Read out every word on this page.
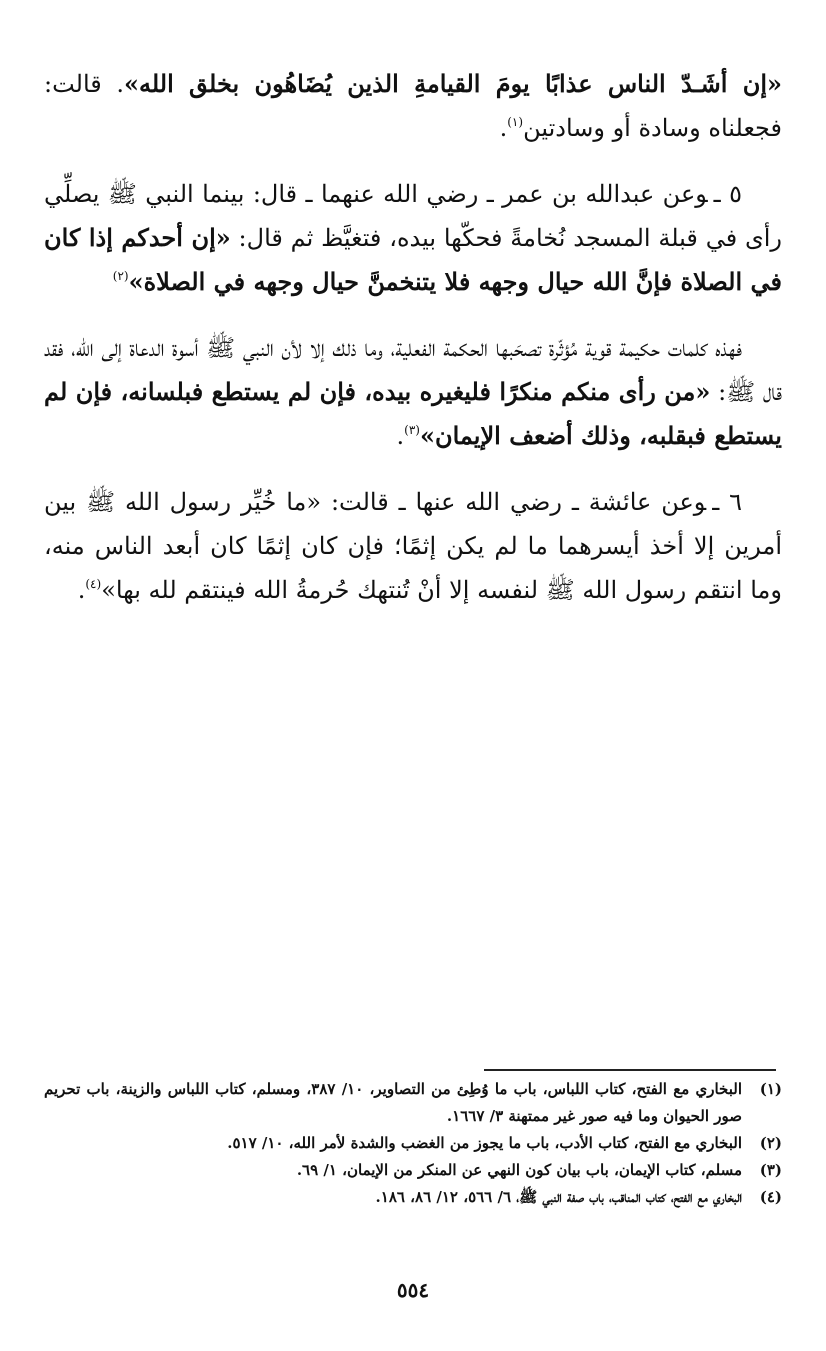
«إن أشَـدّ الناس عذابًا يومَ القيامةِ الذين يُضَاهُون بخلق الله». قالت: فجعلناه وسادة أو وسادتين$^{(١)}$.

٥ ـوعن عبدالله بن عمر ـ رضي الله عنهما ـ قال: بينما النبي ﷺ يصلِّي رأى في قبلة المسجد نُخامةً فحكّها بيده، فتغيَّظ ثم قال: «إن أحدكم إذا كان في الصلاة فإنَّ الله حيال وجهه فلا يتنخمنَّ حيال وجهه في الصلاة»$^{(٢)}$

فهذه كلمات حكيمة قوية مُؤثّرة تصحَبها الحكمة الفعلية، وما ذلك إلا لأن النبي ﷺ أسوة الدعاة إلى الله، فقد قال ﷺ: «من رأى منكم منكرًا فليغيره بيده، فإن لم يستطع فبلسانه، فإن لم يستطع فبقلبه، وذلك أضعف الإيمان»$^{(٣)}$.

٦ ـوعن عائشة ـ رضي الله عنها ـ قالت: «ما خُيِّر رسول الله ﷺ بين أمرين إلا أخذ أيسرهما ما لم يكن إثمًا؛ فإن كان إثمًا كان أبعد الناس منه، وما انتقم رسول الله ﷺ لنفسه إلا أنْ تُنتهك حُرمةُ الله فينتقم لله بها»$^{(٤)}$.

(١)
البخاري مع الفتح، كتاب اللباس، باب ما وُطِئ من التصاوير، ١٠/ ٣٨٧، ومسلم، كتاب اللباس والزينة، باب تحريم صور الحيوان وما فيه صور غير ممتهنة ٣/ ١٦٦٧.
(٢)
البخاري مع الفتح، كتاب الأدب، باب ما يجوز من الغضب والشدة لأمر الله، ١٠/ ٥١٧.
(٣)
مسلم، كتاب الإيمان، باب بيان كون النهي عن المنكر من الإيمان، ١/ ٦٩.
(٤)
البخاري مع الفتح، كتاب المناقب، باب صفة النبي ﷺ، ٦/ ٥٦٦، ١٢/ ٨٦، ١٨٦.
٥٥٤
